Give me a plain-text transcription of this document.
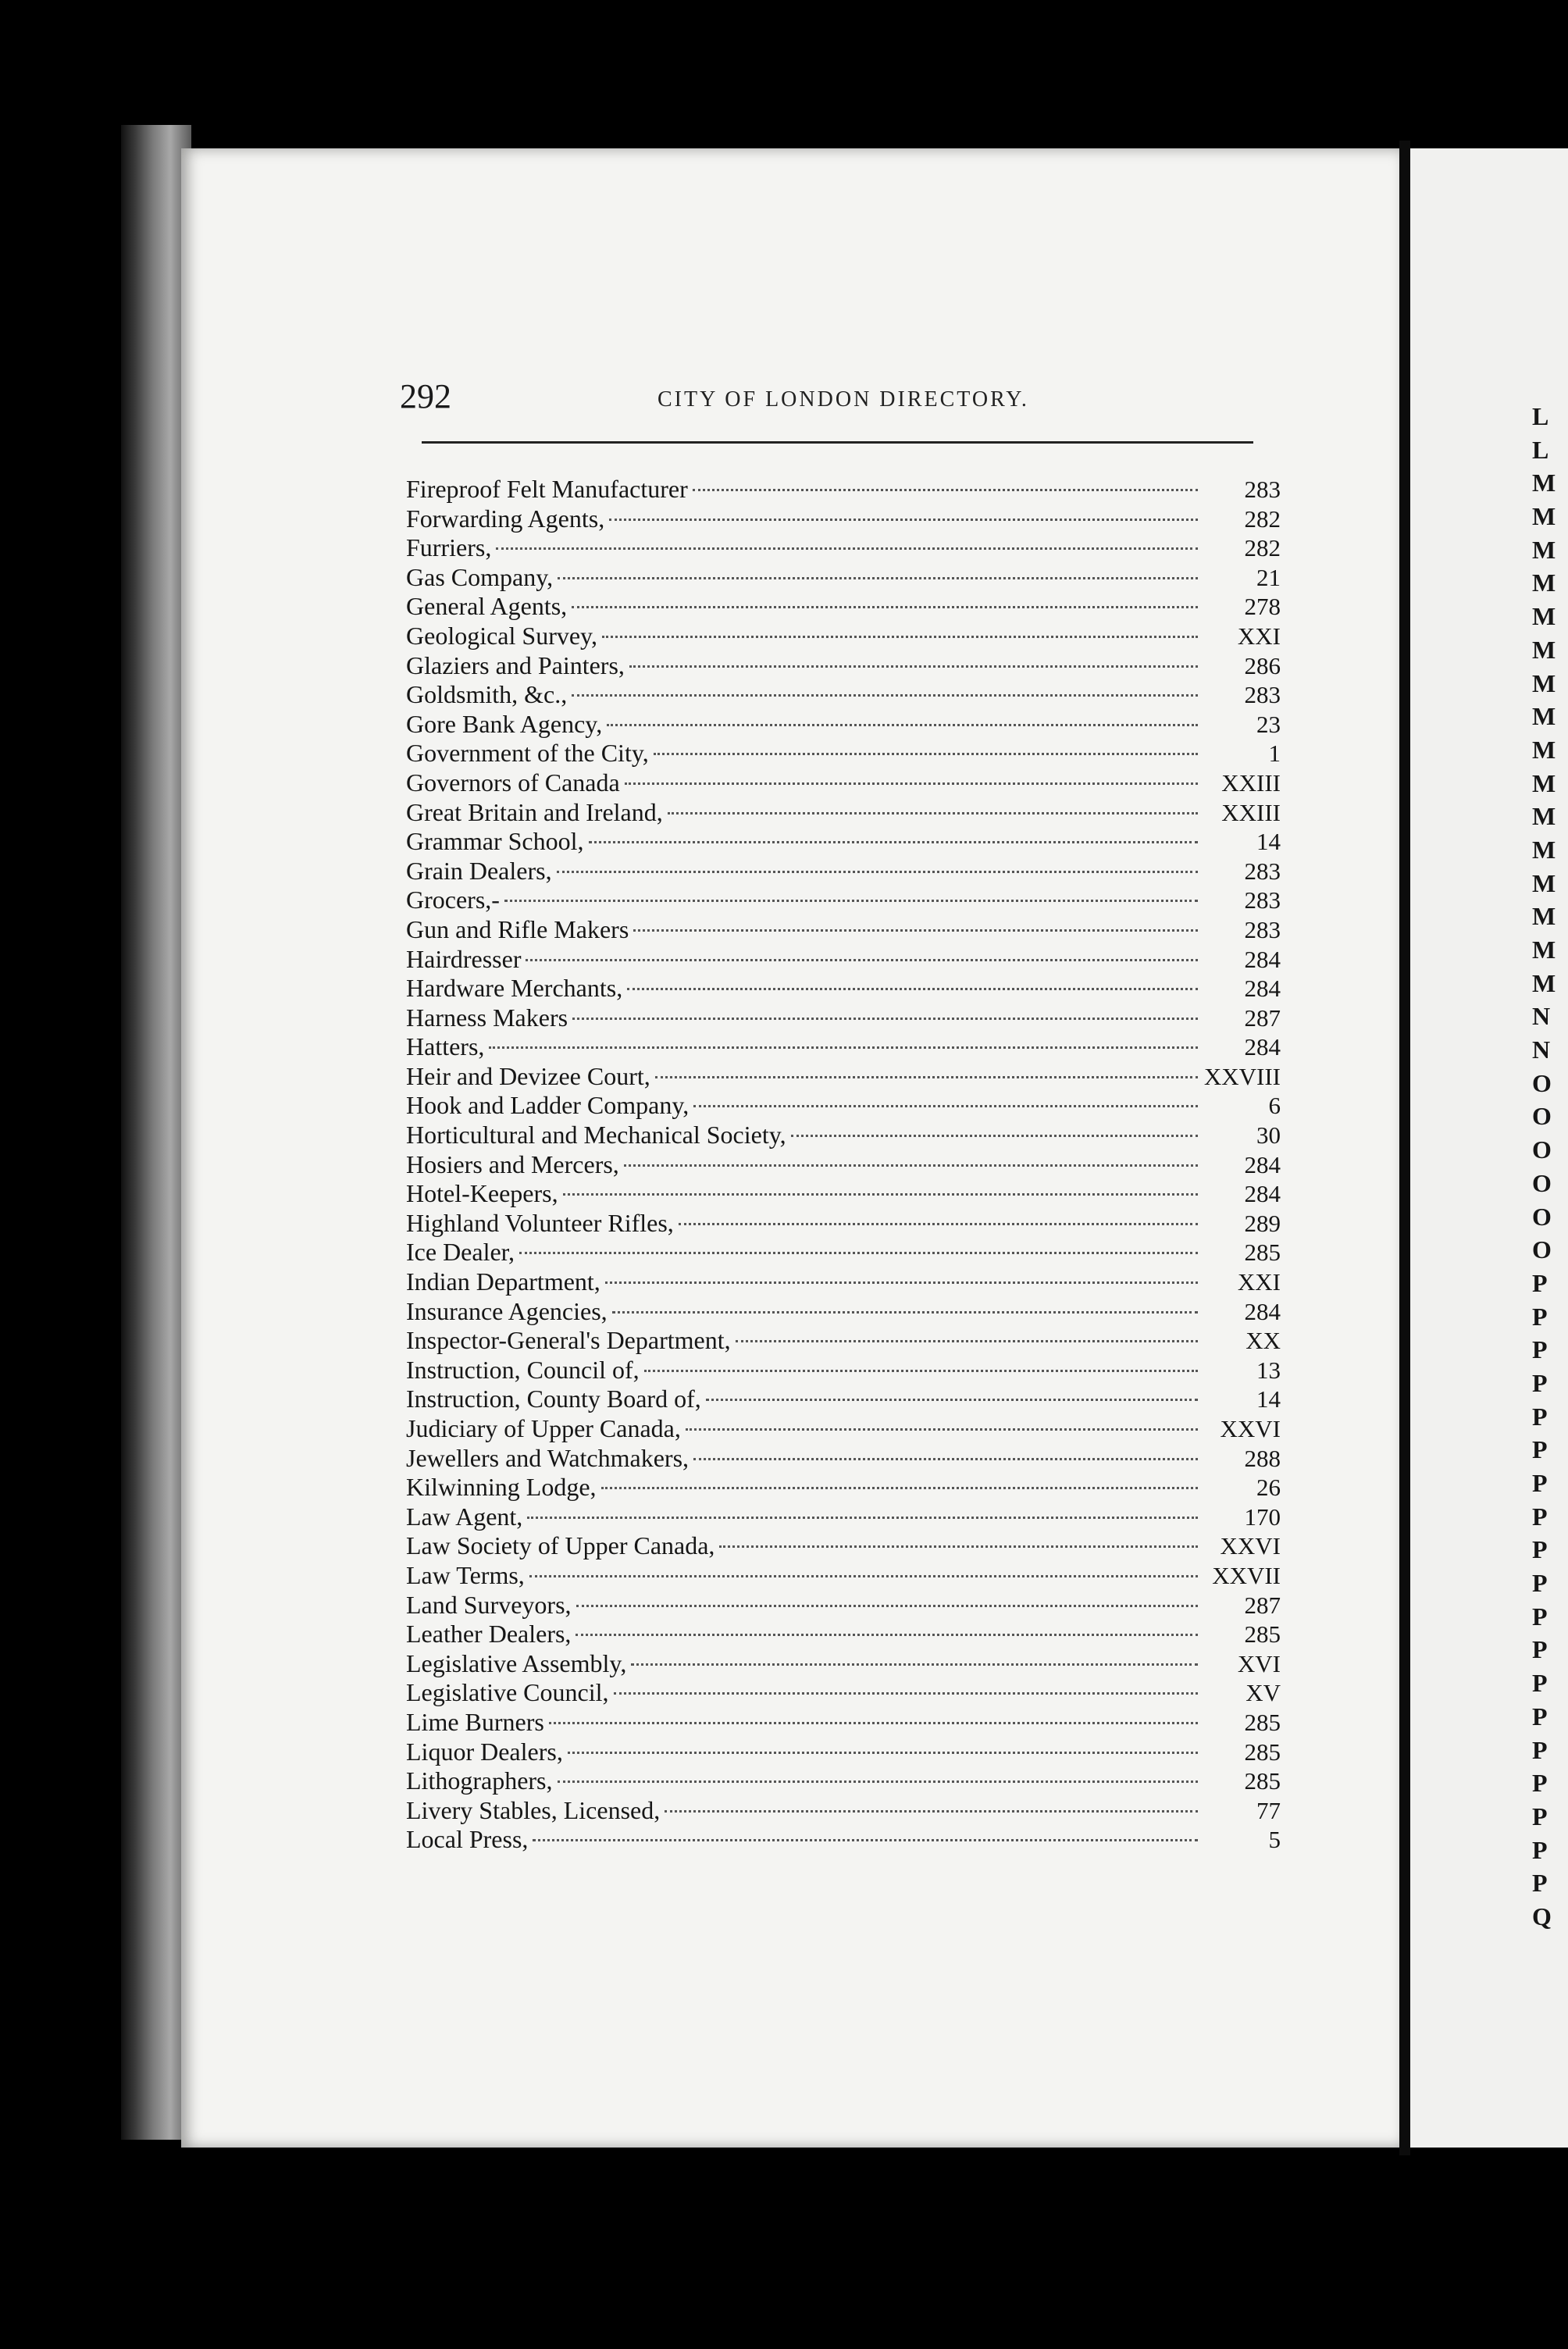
292	CITY OF LONDON DIRECTORY.
Fireproof Felt Manufacturer	283
Forwarding Agents,	282
Furriers,	282
Gas Company,	21
General Agents,	278
Geological Survey,	XXI
Glaziers and Painters,	286
Goldsmith, &c.,	283
Gore Bank Agency,	23
Government of the City,	1
Governors of Canada	XXIII
Great Britain and Ireland,	XXIII
Grammar School,	14
Grain Dealers,	283
Grocers,-	283
Gun and Rifle Makers	283
Hairdresser	284
Hardware Merchants,	284
Harness Makers	287
Hatters,	284
Heir and Devizee Court,	XXVIII
Hook and Ladder Company,	6
Horticultural and Mechanical Society,	30
Hosiers and Mercers,	284
Hotel-Keepers,	284
Highland Volunteer Rifles,	289
Ice Dealer,	285
Indian Department,	XXI
Insurance Agencies,	284
Inspector-General's Department,	XX
Instruction, Council of,	13
Instruction, County Board of,	14
Judiciary of Upper Canada,	XXVI
Jewellers and Watchmakers,	288
Kilwinning Lodge,	26
Law Agent,	170
Law Society of Upper Canada,	XXVI
Law Terms,	XXVII
Land Surveyors,	287
Leather Dealers,	285
Legislative Assembly,	XVI
Legislative Council,	XV
Lime Burners	285
Liquor Dealers,	285
Lithographers,	285
Livery Stables, Licensed,	77
Local Press,	5
L
L
M
M
M
M
M
M
M
M
M
M
M
M
M
M
M
M
N
N
O
O
O
O
O
O
P
P
P
P
P
P
P
P
P
P
P
P
P
P
P
P
P
P
P
Q
